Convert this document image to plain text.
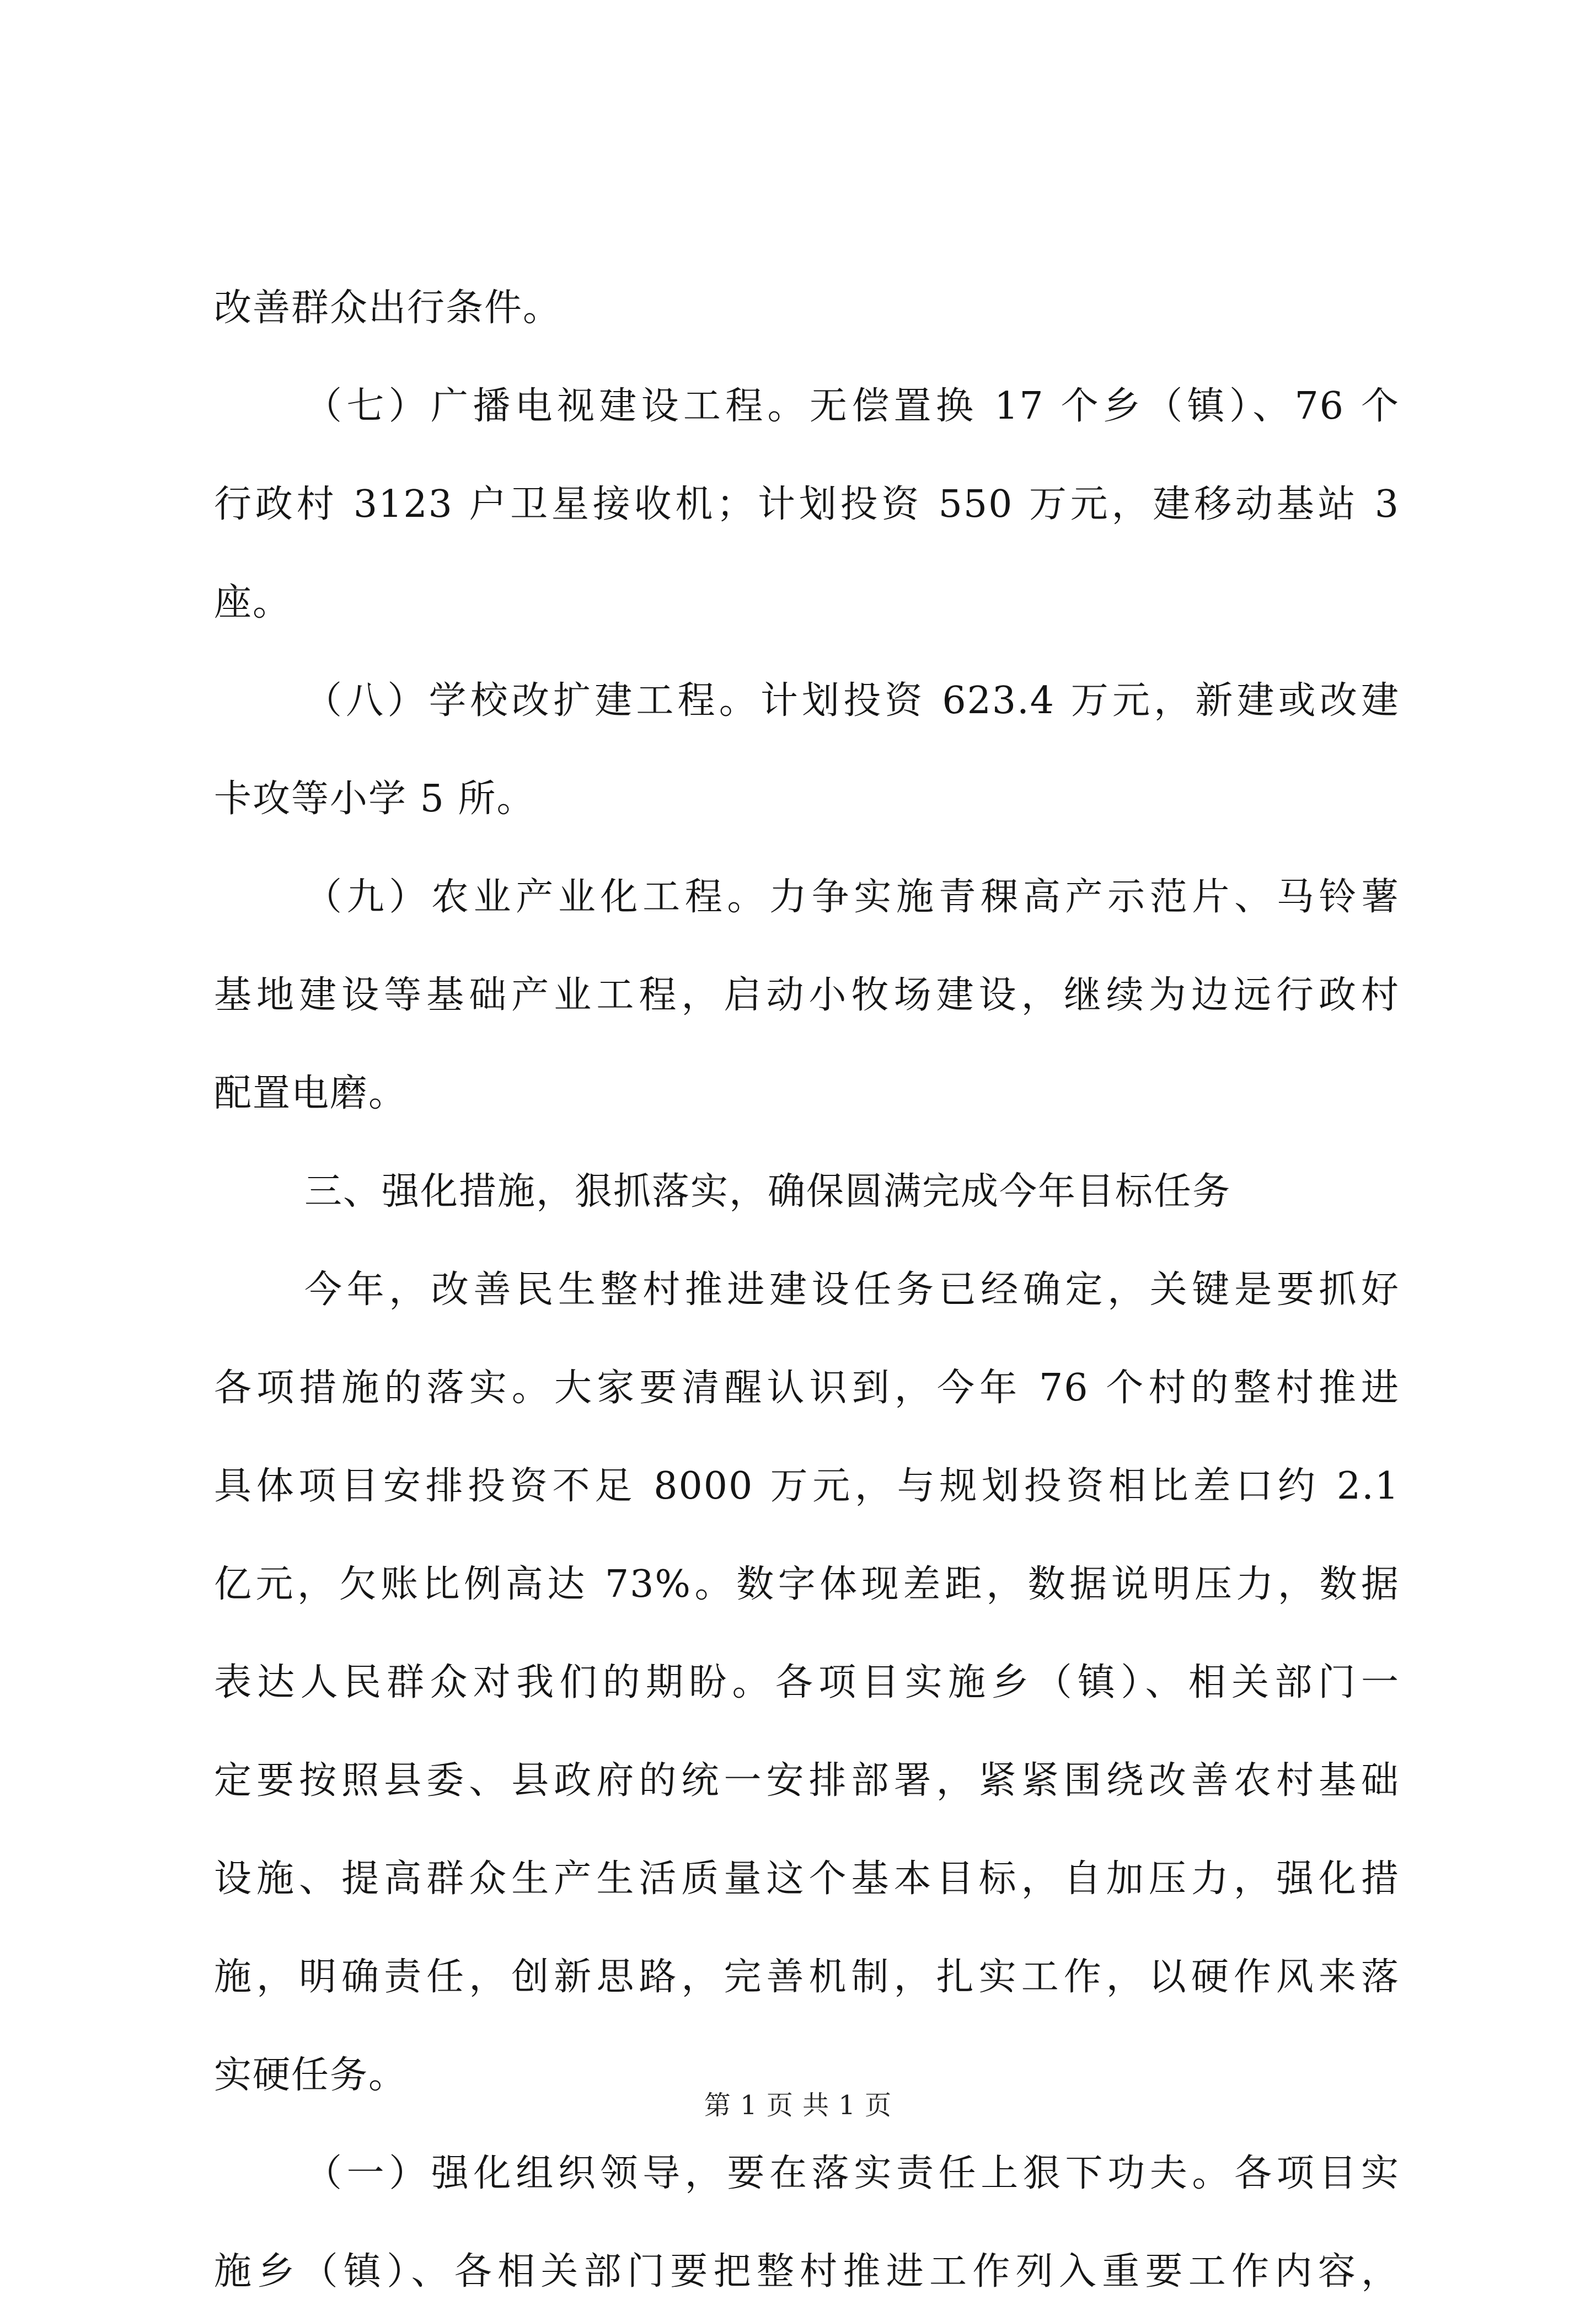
改善群众出行条件。
（七）广播电视建设工程。无偿置换 17 个乡（镇）、76 个
行政村 3123 户卫星接收机；计划投资 550 万元，建移动基站 3
座。
（八）学校改扩建工程。计划投资 623.4 万元，新建或改建
卡攻等小学 5 所。
（九）农业产业化工程。力争实施青稞高产示范片、马铃薯
基地建设等基础产业工程，启动小牧场建设，继续为边远行政村
配置电磨。
三、强化措施，狠抓落实，确保圆满完成今年目标任务
今年，改善民生整村推进建设任务已经确定，关键是要抓好
各项措施的落实。大家要清醒认识到，今年 76 个村的整村推进
具体项目安排投资不足 8000 万元，与规划投资相比差口约 2.1
亿元，欠账比例高达 73%。数字体现差距，数据说明压力，数据
表达人民群众对我们的期盼。各项目实施乡（镇）、相关部门一
定要按照县委、县政府的统一安排部署，紧紧围绕改善农村基础
设施、提高群众生产生活质量这个基本目标，自加压力，强化措
施，明确责任，创新思路，完善机制，扎实工作，以硬作风来落
实硬任务。
（一）强化组织领导，要在落实责任上狠下功夫。各项目实
施乡（镇）、各相关部门要把整村推进工作列入重要工作内容，
第 1 页 共 1 页
